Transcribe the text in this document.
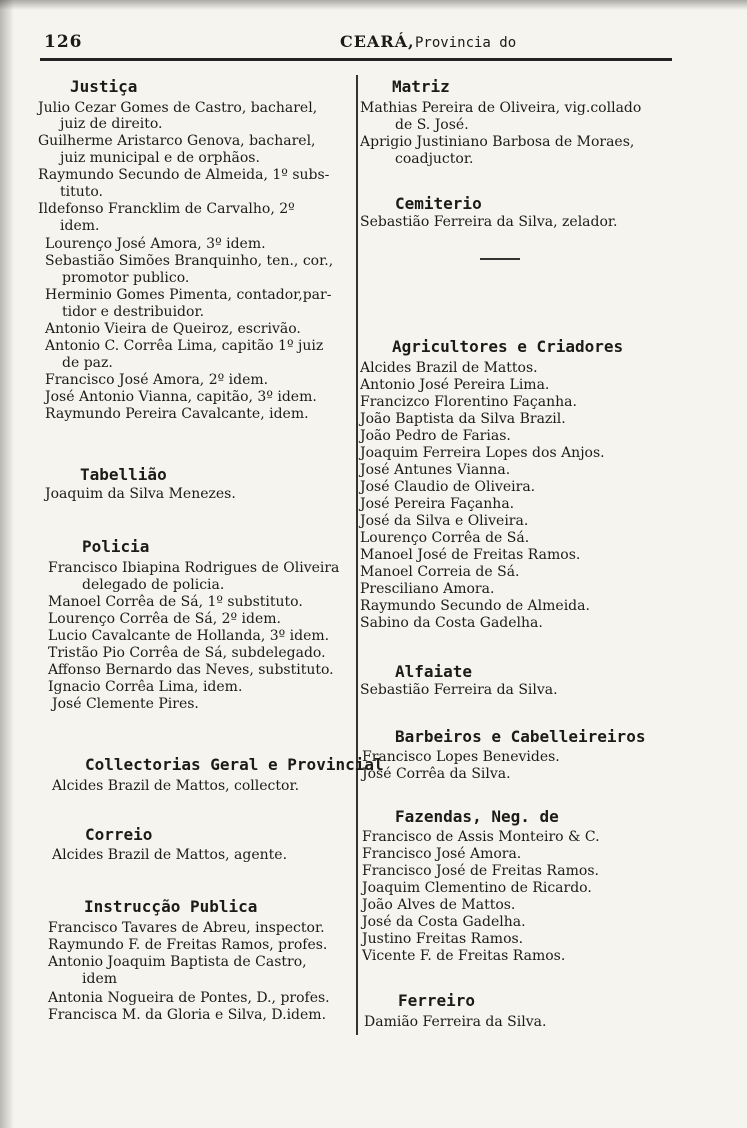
126	CEARÁ, Provincia do
Justiça
Julio Cezar Gomes de Castro, bacharel,
juiz de direito.
Guilherme Aristarco Genova, bacharel,
juiz municipal e de orphãos.
Raymundo Secundo de Almeida, 1º subs-
tituto.
Ildefonso Francklim de Carvalho, 2º
idem.
Lourenço José Amora, 3º idem.
Sebastião Simões Branquinho, ten., cor.,
promotor publico.
Herminio Gomes Pimenta, contador,par-
tidor e destribuidor.
Antonio Vieira de Queiroz, escrivão.
Antonio C. Corrêa Lima, capitão 1º juiz
de paz.
Francisco José Amora, 2º idem.
José Antonio Vianna, capitão, 3º idem.
Raymundo Pereira Cavalcante, idem.
Tabellião
Joaquim da Silva Menezes.
Policia
Francisco Ibiapina Rodrigues de Oliveira
delegado de policia.
Manoel Corrêa de Sá, 1º substituto.
Lourenço Corrêa de Sá, 2º idem.
Lucio Cavalcante de Hollanda, 3º idem.
Tristão Pio Corrêa de Sá, subdelegado.
Affonso Bernardo das Neves, substituto.
Ignacio Corrêa Lima, idem.
José Clemente Pires.
Collectorias Geral e Provincial
Alcides Brazil de Mattos, collector.
Correio
Alcides Brazil de Mattos, agente.
Instrucção Publica
Francisco Tavares de Abreu, inspector.
Raymundo F. de Freitas Ramos, profes.
Antonio Joaquim Baptista de Castro,
idem
Antonia Nogueira de Pontes, D., profes.
Francisca M. da Gloria e Silva, D.idem.
Matriz
Mathias Pereira de Oliveira, vig.collado
de S. José.
Aprigio Justiniano Barbosa de Moraes,
coadjuctor.
Cemiterio
Sebastião Ferreira da Silva, zelador.
Agricultores e Criadores
Alcides Brazil de Mattos.
Antonio José Pereira Lima.
Francizco Florentino Façanha.
João Baptista da Silva Brazil.
João Pedro de Farias.
Joaquim Ferreira Lopes dos Anjos.
José Antunes Vianna.
José Claudio de Oliveira.
José Pereira Façanha.
José da Silva e Oliveira.
Lourenço Corrêa de Sá.
Manoel José de Freitas Ramos.
Manoel Correia de Sá.
Presciliano Amora.
Raymundo Secundo de Almeida.
Sabino da Costa Gadelha.
Alfaiate
Sebastião Ferreira da Silva.
Barbeiros e Cabelleireiros
Francisco Lopes Benevides.
José Corrêa da Silva.
Fazendas, Neg. de
Francisco de Assis Monteiro & C.
Francisco José Amora.
Francisco José de Freitas Ramos.
Joaquim Clementino de Ricardo.
João Alves de Mattos.
José da Costa Gadelha.
Justino Freitas Ramos.
Vicente F. de Freitas Ramos.
Ferreiro
Damião Ferreira da Silva.
